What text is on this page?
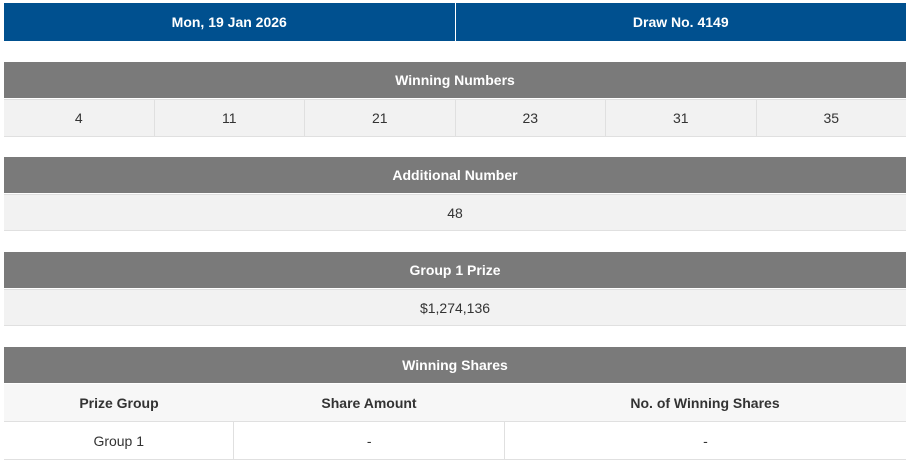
Mon, 19 Jan 2026	Draw No. 4149
Winning Numbers
4	11	21	23	31	35
Additional Number
48
Group 1 Prize
$1,274,136
Winning Shares
Prize Group	Share Amount	No. of Winning Shares
Group 1	-	-
